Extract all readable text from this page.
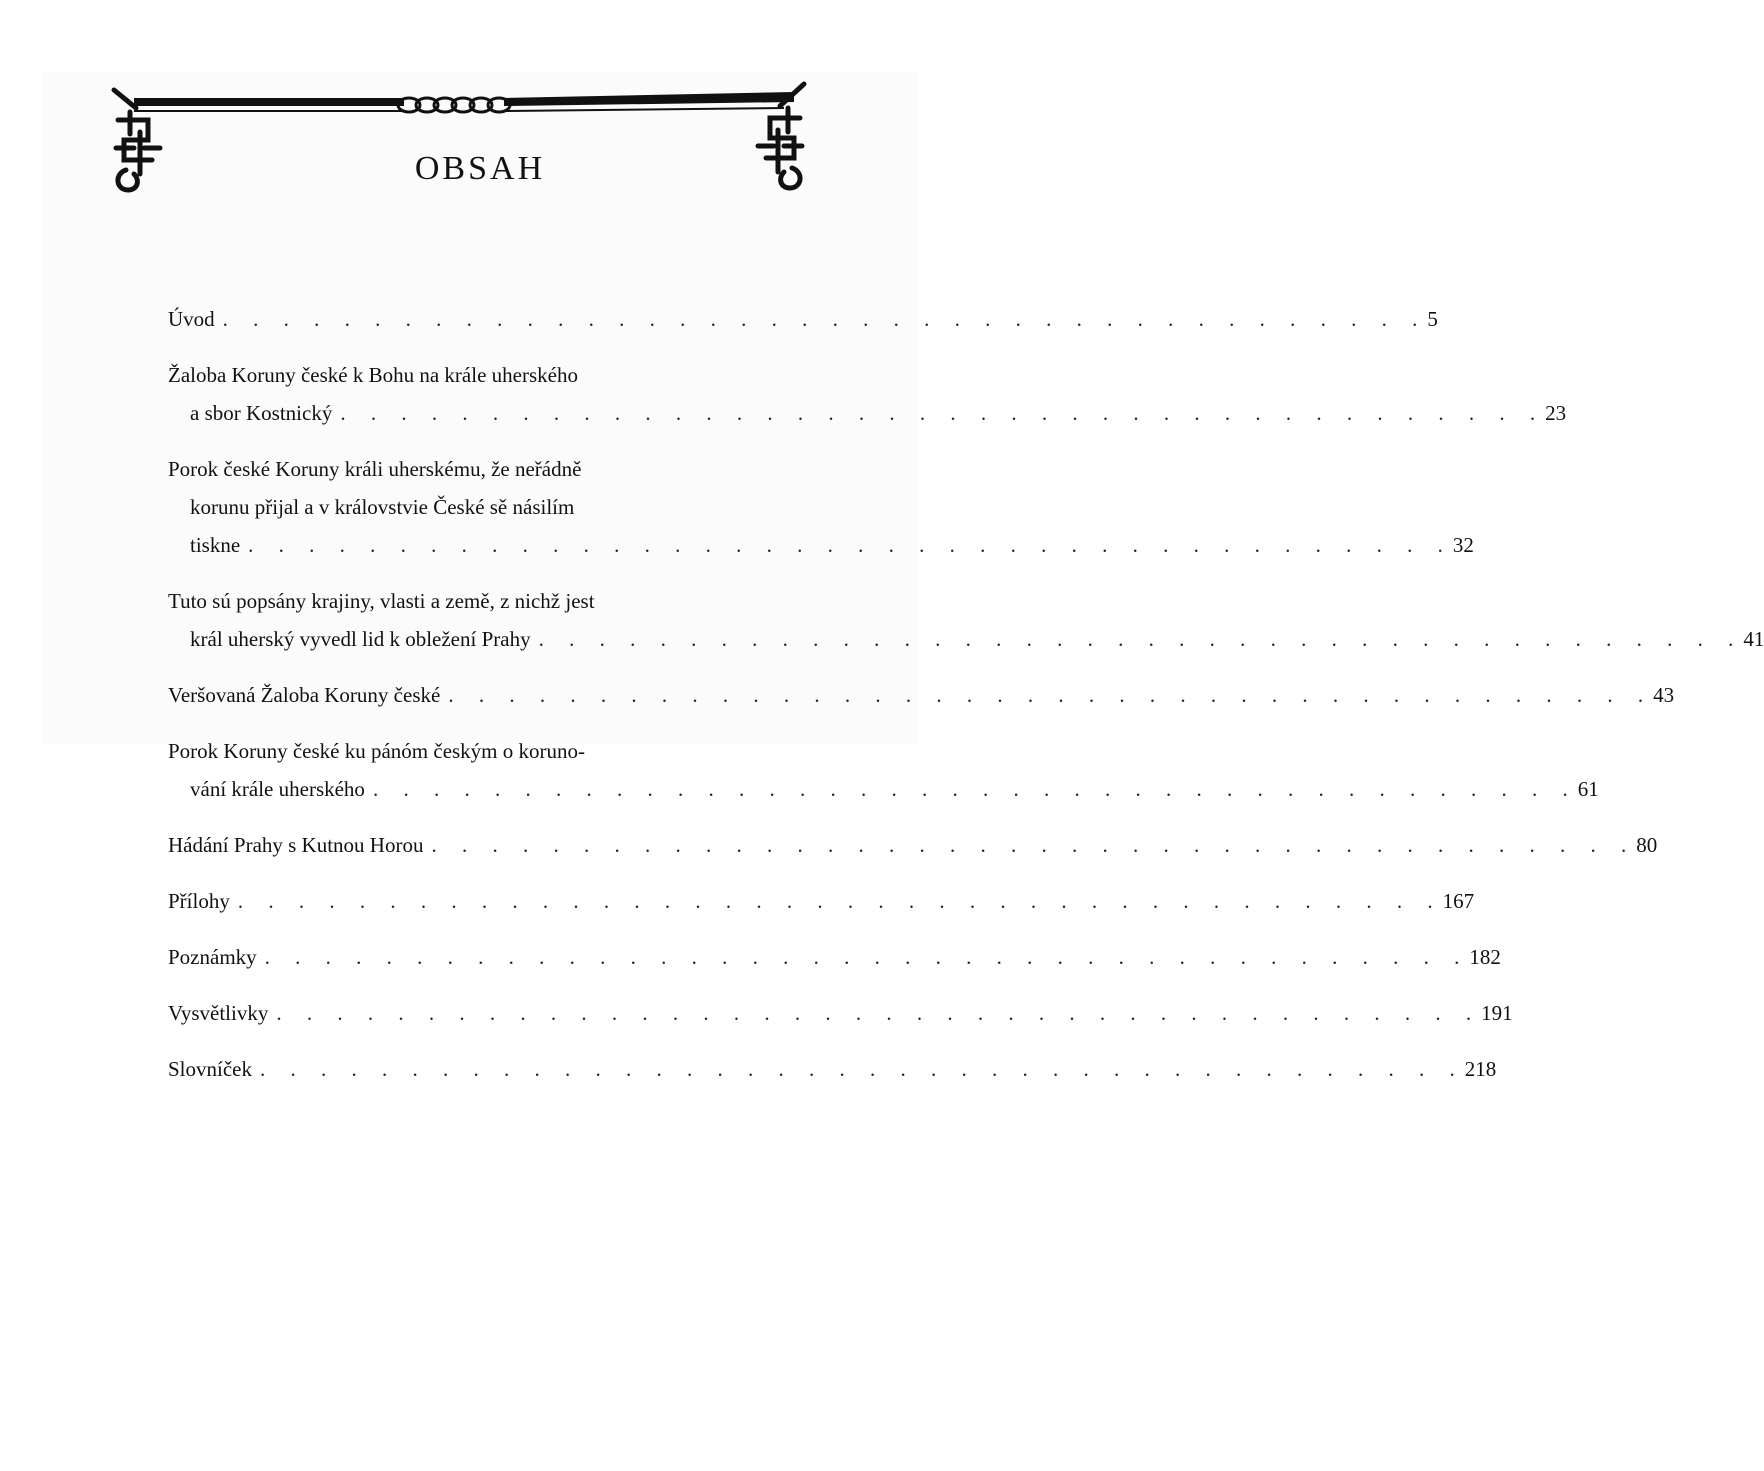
OBSAH
Úvod . . . . . . . . . . . . . . . . . . . . . . . . . . . . . . . . . . . . . . . . 5
Žaloba Koruny české k Bohu na krále uherského
a sbor Kostnický . . . . . . . . . . . . . . . . . . . . . . . . . . . . . . . . . . . . . . . . 23
Porok české Koruny králi uherskému, že neřádně
korunu přijal a v královstvie České sě násilím
tiskne . . . . . . . . . . . . . . . . . . . . . . . . . . . . . . . . . . . . . . . . 32
Tuto sú popsány krajiny, vlasti a země, z nichž jest
král uherský vyvedl lid k obležení Prahy . . . . . . . . . . . . . . . . . . . . . . . . . . . . . . . . . . . . . . . . 41
Veršovaná Žaloba Koruny české . . . . . . . . . . . . . . . . . . . . . . . . . . . . . . . . . . . . . . . . 43
Porok Koruny české ku pánóm českým o koruno-
vání krále uherského . . . . . . . . . . . . . . . . . . . . . . . . . . . . . . . . . . . . . . . . 61
Hádání Prahy s Kutnou Horou . . . . . . . . . . . . . . . . . . . . . . . . . . . . . . . . . . . . . . . . 80
Přílohy . . . . . . . . . . . . . . . . . . . . . . . . . . . . . . . . . . . . . . . . 167
Poznámky . . . . . . . . . . . . . . . . . . . . . . . . . . . . . . . . . . . . . . . . 182
Vysvětlivky . . . . . . . . . . . . . . . . . . . . . . . . . . . . . . . . . . . . . . . . 191
Slovníček . . . . . . . . . . . . . . . . . . . . . . . . . . . . . . . . . . . . . . . . 218
